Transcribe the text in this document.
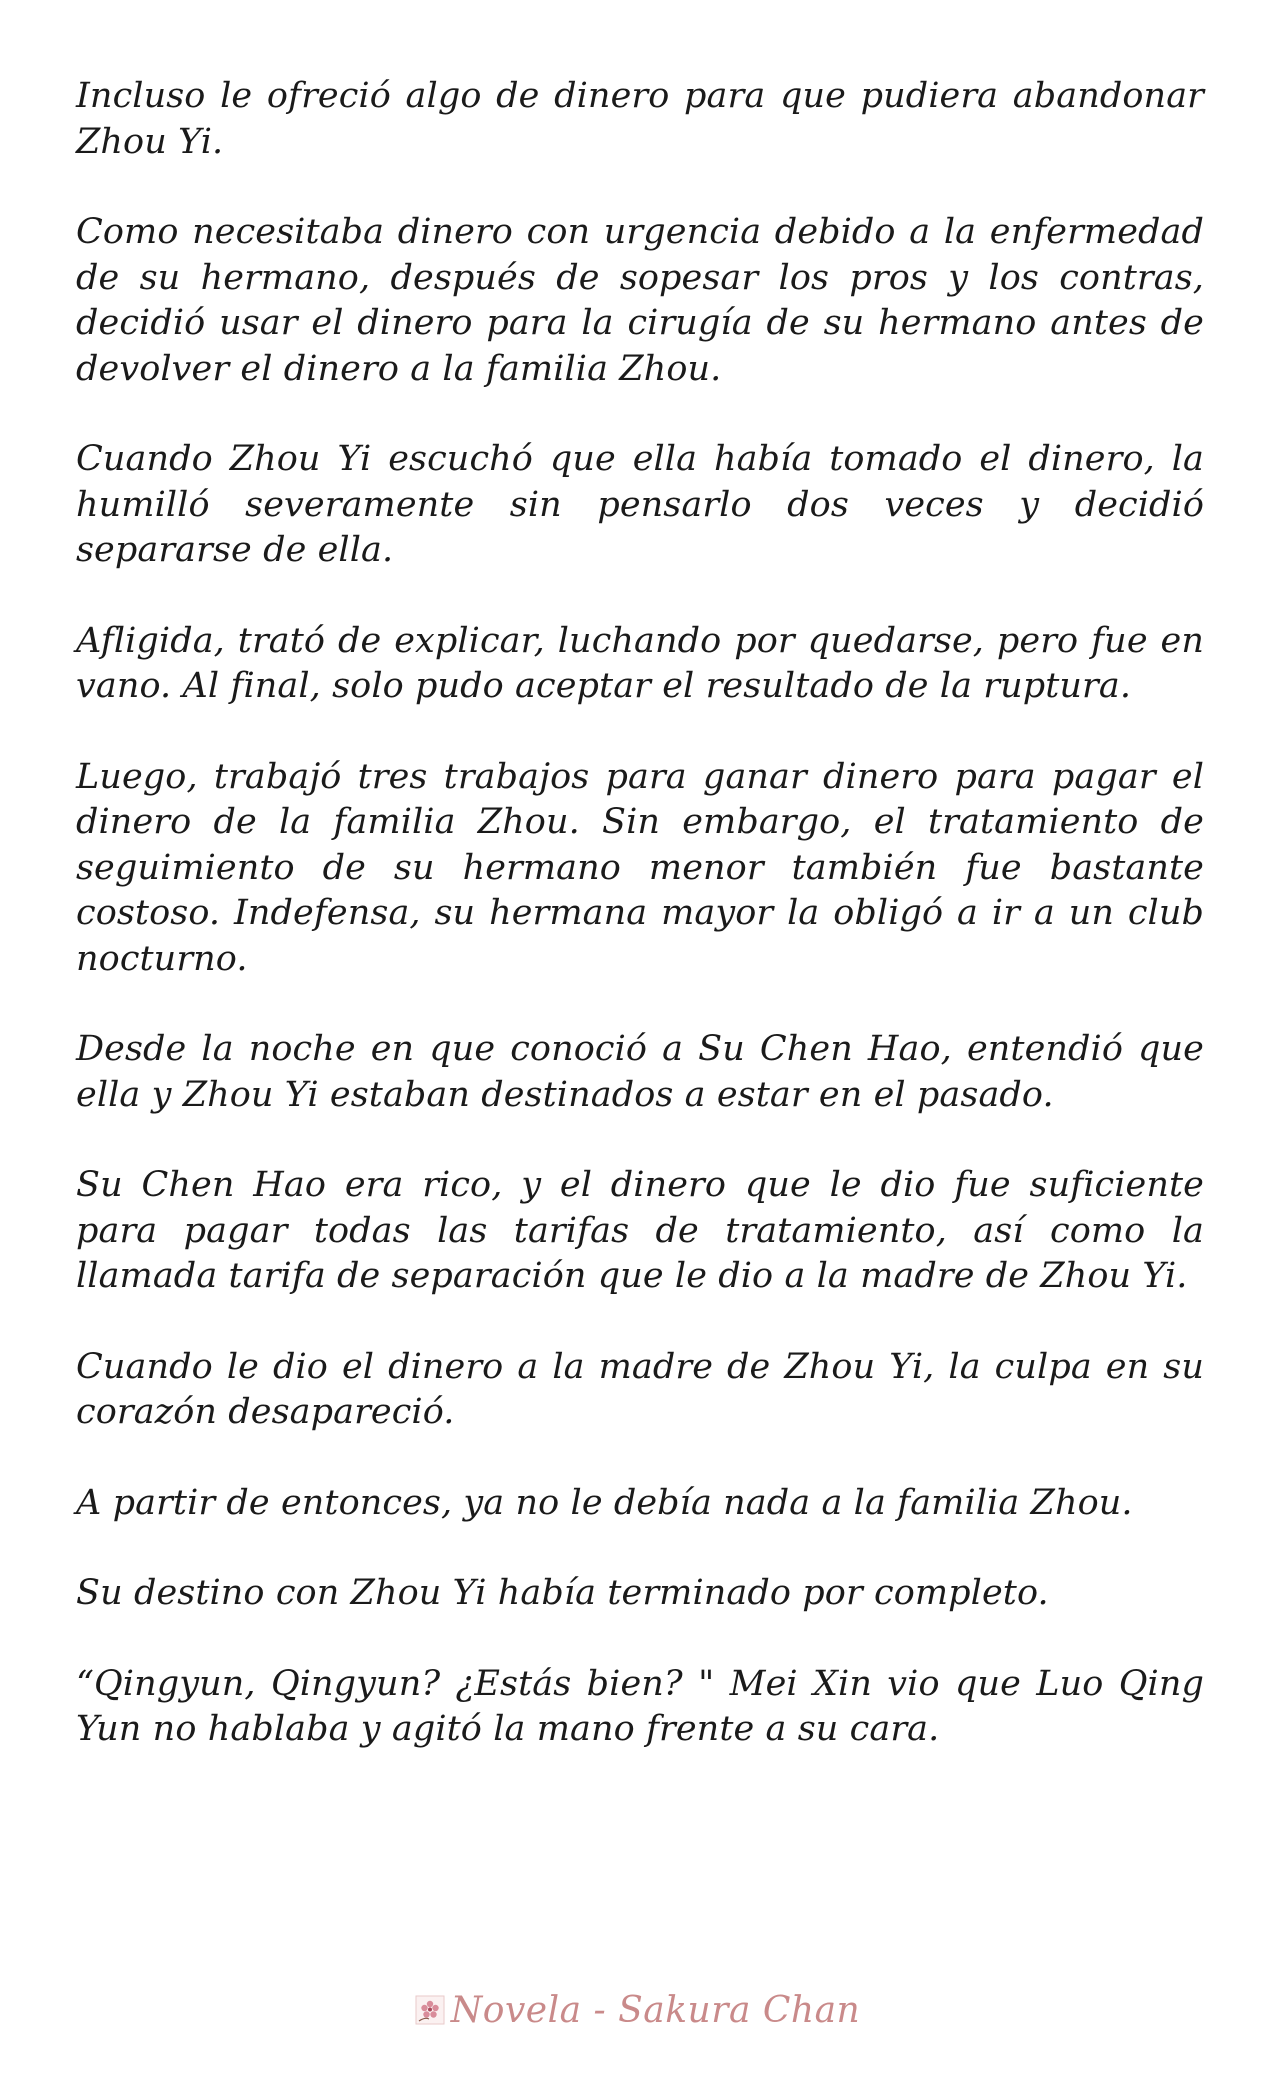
Incluso le ofreció algo de dinero para que pudiera abandonar Zhou Yi.

Como necesitaba dinero con urgencia debido a la enfermedad de su hermano, después de sopesar los pros y los contras, decidió usar el dinero para la cirugía de su hermano antes de devolver el dinero a la familia Zhou.

Cuando Zhou Yi escuchó que ella había tomado el dinero, la humilló severamente sin pensarlo dos veces y decidió separarse de ella.

Afligida, trató de explicar, luchando por quedarse, pero fue en vano. Al final, solo pudo aceptar el resultado de la ruptura.

Luego, trabajó tres trabajos para ganar dinero para pagar el dinero de la familia Zhou. Sin embargo, el tratamiento de seguimiento de su hermano menor también fue bastante costoso. Indefensa, su hermana mayor la obligó a ir a un club nocturno.

Desde la noche en que conoció a Su Chen Hao, entendió que ella y Zhou Yi estaban destinados a estar en el pasado.

Su Chen Hao era rico, y el dinero que le dio fue suficiente para pagar todas las tarifas de tratamiento, así como la llamada tarifa de separación que le dio a la madre de Zhou Yi.

Cuando le dio el dinero a la madre de Zhou Yi, la culpa en su corazón desapareció.

A partir de entonces, ya no le debía nada a la familia Zhou.

Su destino con Zhou Yi había terminado por completo.

“Qingyun, Qingyun? ¿Estás bien? " Mei Xin vio que Luo Qing Yun no hablaba y agitó la mano frente a su cara.

Novela - Sakura Chan
